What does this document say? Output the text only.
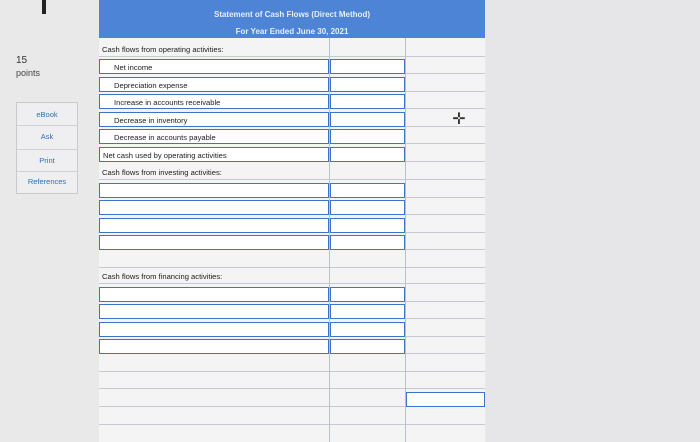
15
points
eBook
Ask
Print
References
Statement of Cash Flows (Direct Method)
For Year Ended June 30, 2021
Cash flows from operating activities:
Net income
Depreciation expense
Increase in accounts receivable
Decrease in inventory
Decrease in accounts payable
Net cash used by operating activities
Cash flows from investing activities:
Cash flows from financing activities:
✛
